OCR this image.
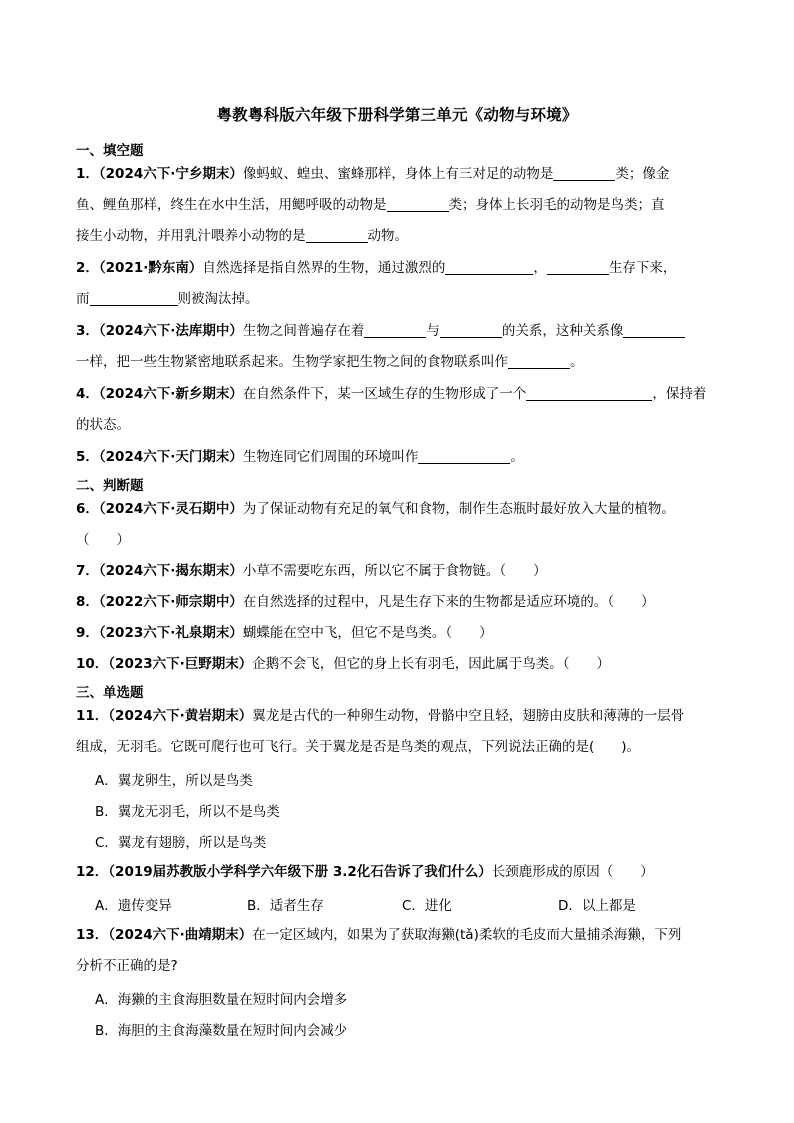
粤教粤科版六年级下册科学第三单元《动物与环境》
一、填空题
1．（2024六下·宁乡期末）像蚂蚁、蝗虫、蜜蜂那样，身体上有三对足的动物是	类；像金
鱼、鲤鱼那样，终生在水中生活，用鳃呼吸的动物是	类；身体上长羽毛的动物是鸟类；直
接生小动物，并用乳汁喂养小动物的是	动物。
2．（2021·黔东南）自然选择是指自然界的生物，通过激烈的	，	生存下来，
而	则被淘汰掉。
3．（2024六下·法库期中）生物之间普遍存在着	与	的关系，这种关系像
一样，把一些生物紧密地联系起来。生物学家把生物之间的食物联系叫作	。
4．（2024六下·新乡期末）在自然条件下，某一区域生存的生物形成了一个	，保持着
的状态。
5．（2024六下·天门期末）生物连同它们周围的环境叫作	。
二、判断题
6．（2024六下·灵石期中）为了保证动物有充足的氧气和食物，制作生态瓶时最好放入大量的植物。
（　　）
7．（2024六下·揭东期末）小草不需要吃东西，所以它不属于食物链。（　　）
8．（2022六下·师宗期中）在自然选择的过程中，凡是生存下来的生物都是适应环境的。（　　）
9．（2023六下·礼泉期末）蝴蝶能在空中飞，但它不是鸟类。（　　）
10．（2023六下·巨野期末）企鹅不会飞，但它的身上长有羽毛，因此属于鸟类。（　　）
三、单选题
11．（2024六下·黄岩期末）翼龙是古代的一种卵生动物，骨骼中空且轻，翅膀由皮肤和薄薄的一层骨
组成，无羽毛。它既可爬行也可飞行。关于翼龙是否是鸟类的观点，下列说法正确的是(　　)。
A．翼龙卵生，所以是鸟类
B．翼龙无羽毛，所以不是鸟类
C．翼龙有翅膀，所以是鸟类
12．（2019届苏教版小学科学六年级下册 3.2化石告诉了我们什么）长颈鹿形成的原因（　　）
A．遗传变异	B．适者生存	C．进化	D．以上都是
13．（2024六下·曲靖期末）在一定区域内，如果为了获取海獭(tǎ)柔软的毛皮而大量捕杀海獭，下列
分析不正确的是?
A．海獭的主食海胆数量在短时间内会增多
B．海胆的主食海藻数量在短时间内会减少
